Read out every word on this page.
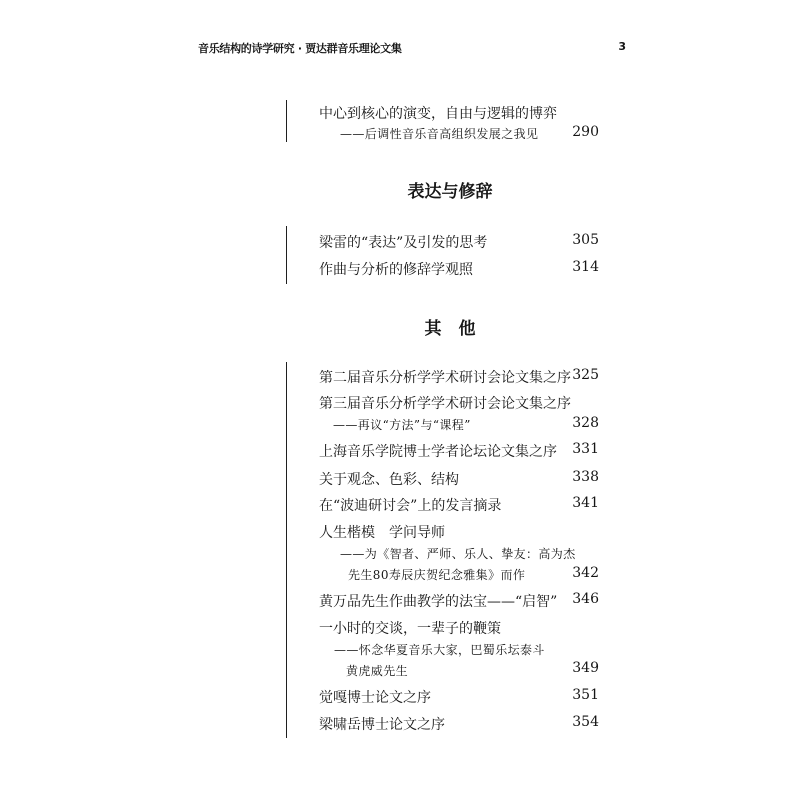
音乐结构的诗学研究 · 贾达群音乐理论文集	3
中心到核心的演变，自由与逻辑的博弈
——后调性音乐音高组织发展之我见 290
表达与修辞
梁雷的“表达”及引发的思考	305
作曲与分析的修辞学观照	314
其　他
第二届音乐分析学学术研讨会论文集之序 325
第三届音乐分析学学术研讨会论文集之序
——再议“方法”与“课程”	328
上海音乐学院博士学者论坛论文集之序 331
关于观念、色彩、结构	338
在“波迪研讨会”上的发言摘录	341
人生楷模　学问导师
——为《智者、严师、乐人、挚友：高为杰
先生80寿辰庆贺纪念雅集》而作	342
黄万品先生作曲教学的法宝——“启智” 346
一小时的交谈，一辈子的鞭策
——怀念华夏音乐大家，巴蜀乐坛泰斗
黄虎威先生	349
觉嘎博士论文之序	351
梁啸岳博士论文之序	354
